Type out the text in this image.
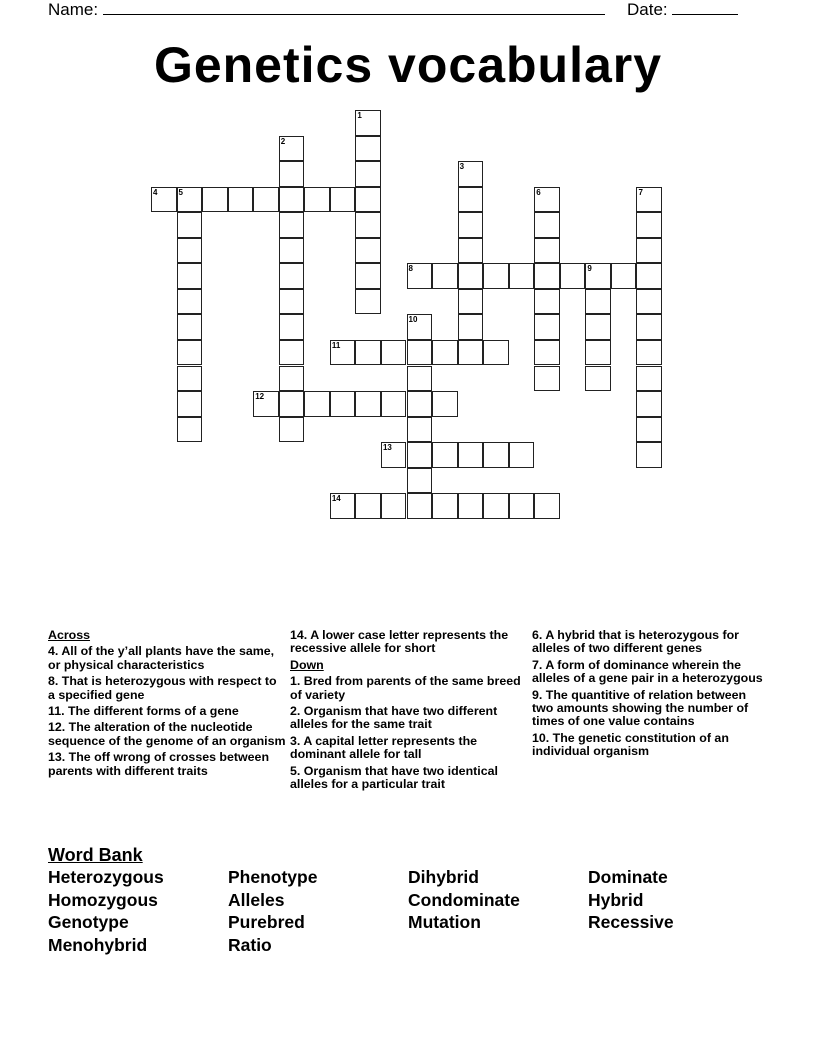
Name:	Date:
Genetics vocabulary
1
2
3
4	5	6	7
8	9
10
11
12
13
14

Across

4. All of the y’all plants have the same, or physical characteristics

8. That is heterozygous with respect to a specified gene

11. The different forms of a gene

12. The alteration of the nucleotide sequence of the genome of an organism

13. The off wrong of crosses between parents with different traits

14. A lower case letter represents the recessive allele for short

Down

1. Bred from parents of the same breed of variety

2. Organism that have two different alleles for the same trait

3. A capital letter represents the dominant allele for tall

5. Organism that have two identical alleles for a particular trait

6. A hybrid that is heterozygous for alleles of two different genes

7. A form of dominance wherein the alleles of a gene pair in a heterozygous

9. The quantitive of relation between two amounts showing the number of times of one value contains

10. The genetic constitution of an individual organism

Word Bank
Heterozygous	Phenotype	Dihybrid	Dominate
Homozygous	Alleles	Condominate	Hybrid
Genotype	Purebred	Mutation	Recessive
Menohybrid	Ratio
